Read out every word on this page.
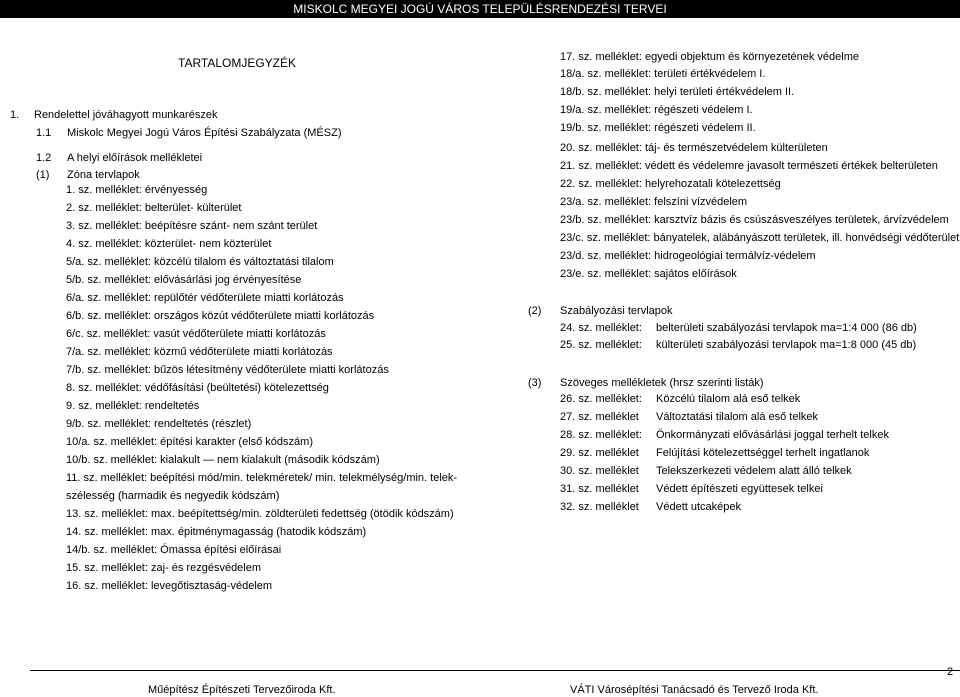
MISKOLC MEGYEI JOGÚ VÁROS TELEPÜLÉSRENDEZÉSI TERVEI
TARTALOMJEGYZÉK
1. Rendelettel jóváhagyott munkarészek
1.1 Miskolc Megyei Jogú Város Építési Szabályzata (MÉSZ)
1.2 A helyi előírások mellékletei
(1) Zóna tervlapok
1. sz. melléklet: érvényesség
2. sz. melléklet: belterület- külterület
3. sz. melléklet: beépítésre szánt- nem szánt terület
4. sz. melléklet: közterület- nem közterület
5/a. sz. melléklet: közcélú tilalom és változtatási tilalom
5/b. sz. melléklet: elővásárlási jog érvényesítése
6/a. sz. melléklet: repülőtér védőterülete miatti korlátozás
6/b. sz. melléklet: országos közút védőterülete miatti korlátozás
6/c. sz. melléklet: vasút védőterülete miatti korlátozás
7/a. sz. melléklet: közmű védőterülete miatti korlátozás
7/b. sz. melléklet: bűzös létesítmény védőterülete miatti korlátozás
8. sz. melléklet: védőfásítási (beültetési) kötelezettség
9. sz. melléklet: rendeltetés
9/b. sz. melléklet: rendeltetés (részlet)
10/a. sz. melléklet: építési karakter (első kódszám)
10/b. sz. melléklet: kialakult — nem kialakult (második kódszám)
11. sz. melléklet: beépítési mód/min. telekméretek/ min. telekmélység/min. telek-
szélesség (harmadik és negyedik kódszám)
13. sz. melléklet: max. beépítettség/min. zöldterületi fedettség (ötödik kódszám)
14. sz. melléklet: max. épitménymagasság (hatodik kódszám)
14/b. sz. melléklet: Ómassa építési előírásai
15. sz. melléklet: zaj- és rezgésvédelem
16. sz. melléklet: levegőtisztaság-védelem
17. sz. melléklet: egyedi objektum és környezetének védelme
18/a. sz. melléklet: területi értékvédelem I.
18/b. sz. melléklet: helyi területi értékvédelem II.
19/a. sz. melléklet: régészeti védelem I.
19/b. sz. melléklet: régészeti védelem II.
20. sz. melléklet: táj- és természetvédelem külterületen
21. sz. melléklet: védett és védelemre javasolt természeti értékek belterületen
22. sz. melléklet: helyrehozatali kötelezettség
23/a. sz. melléklet: felszíni vízvédelem
23/b. sz. melléklet: karsztvíz bázis és csúszásveszélyes területek, árvízvédelem
23/c. sz. melléklet: bányatelek, alábányászott területek, ill. honvédségi védőterület
23/d. sz. melléklet: hidrogeológiai termálvíz-védelem
23/e. sz. melléklet: sajátos előírások
(2) Szabályozási tervlapok
24. sz. melléklet: belterületi szabályozási tervlapok ma=1:4 000 (86 db)
25. sz. melléklet: külterületi szabályozási tervlapok ma=1:8 000 (45 db)
(3) Szöveges mellékletek (hrsz szerinti listák)
26. sz. melléklet: Közcélú tilalom alá eső telkek
27. sz. melléklet Változtatási tilalom alá eső telkek
28. sz. melléklet: Önkormányzati elővásárlási joggal terhelt telkek
29. sz. melléklet Felújítási kötelezettséggel terhelt ingatlanok
30. sz. melléklet Telekszerkezeti védelem alatt álló telkek
31. sz. melléklet Védett építészeti együttesek telkei
32. sz. melléklet Védett utcaképek
Műépítész Építészeti Tervezőiroda Kft.	VÁTI Városépítési Tanácsadó és Tervező Iroda Kft.
2
